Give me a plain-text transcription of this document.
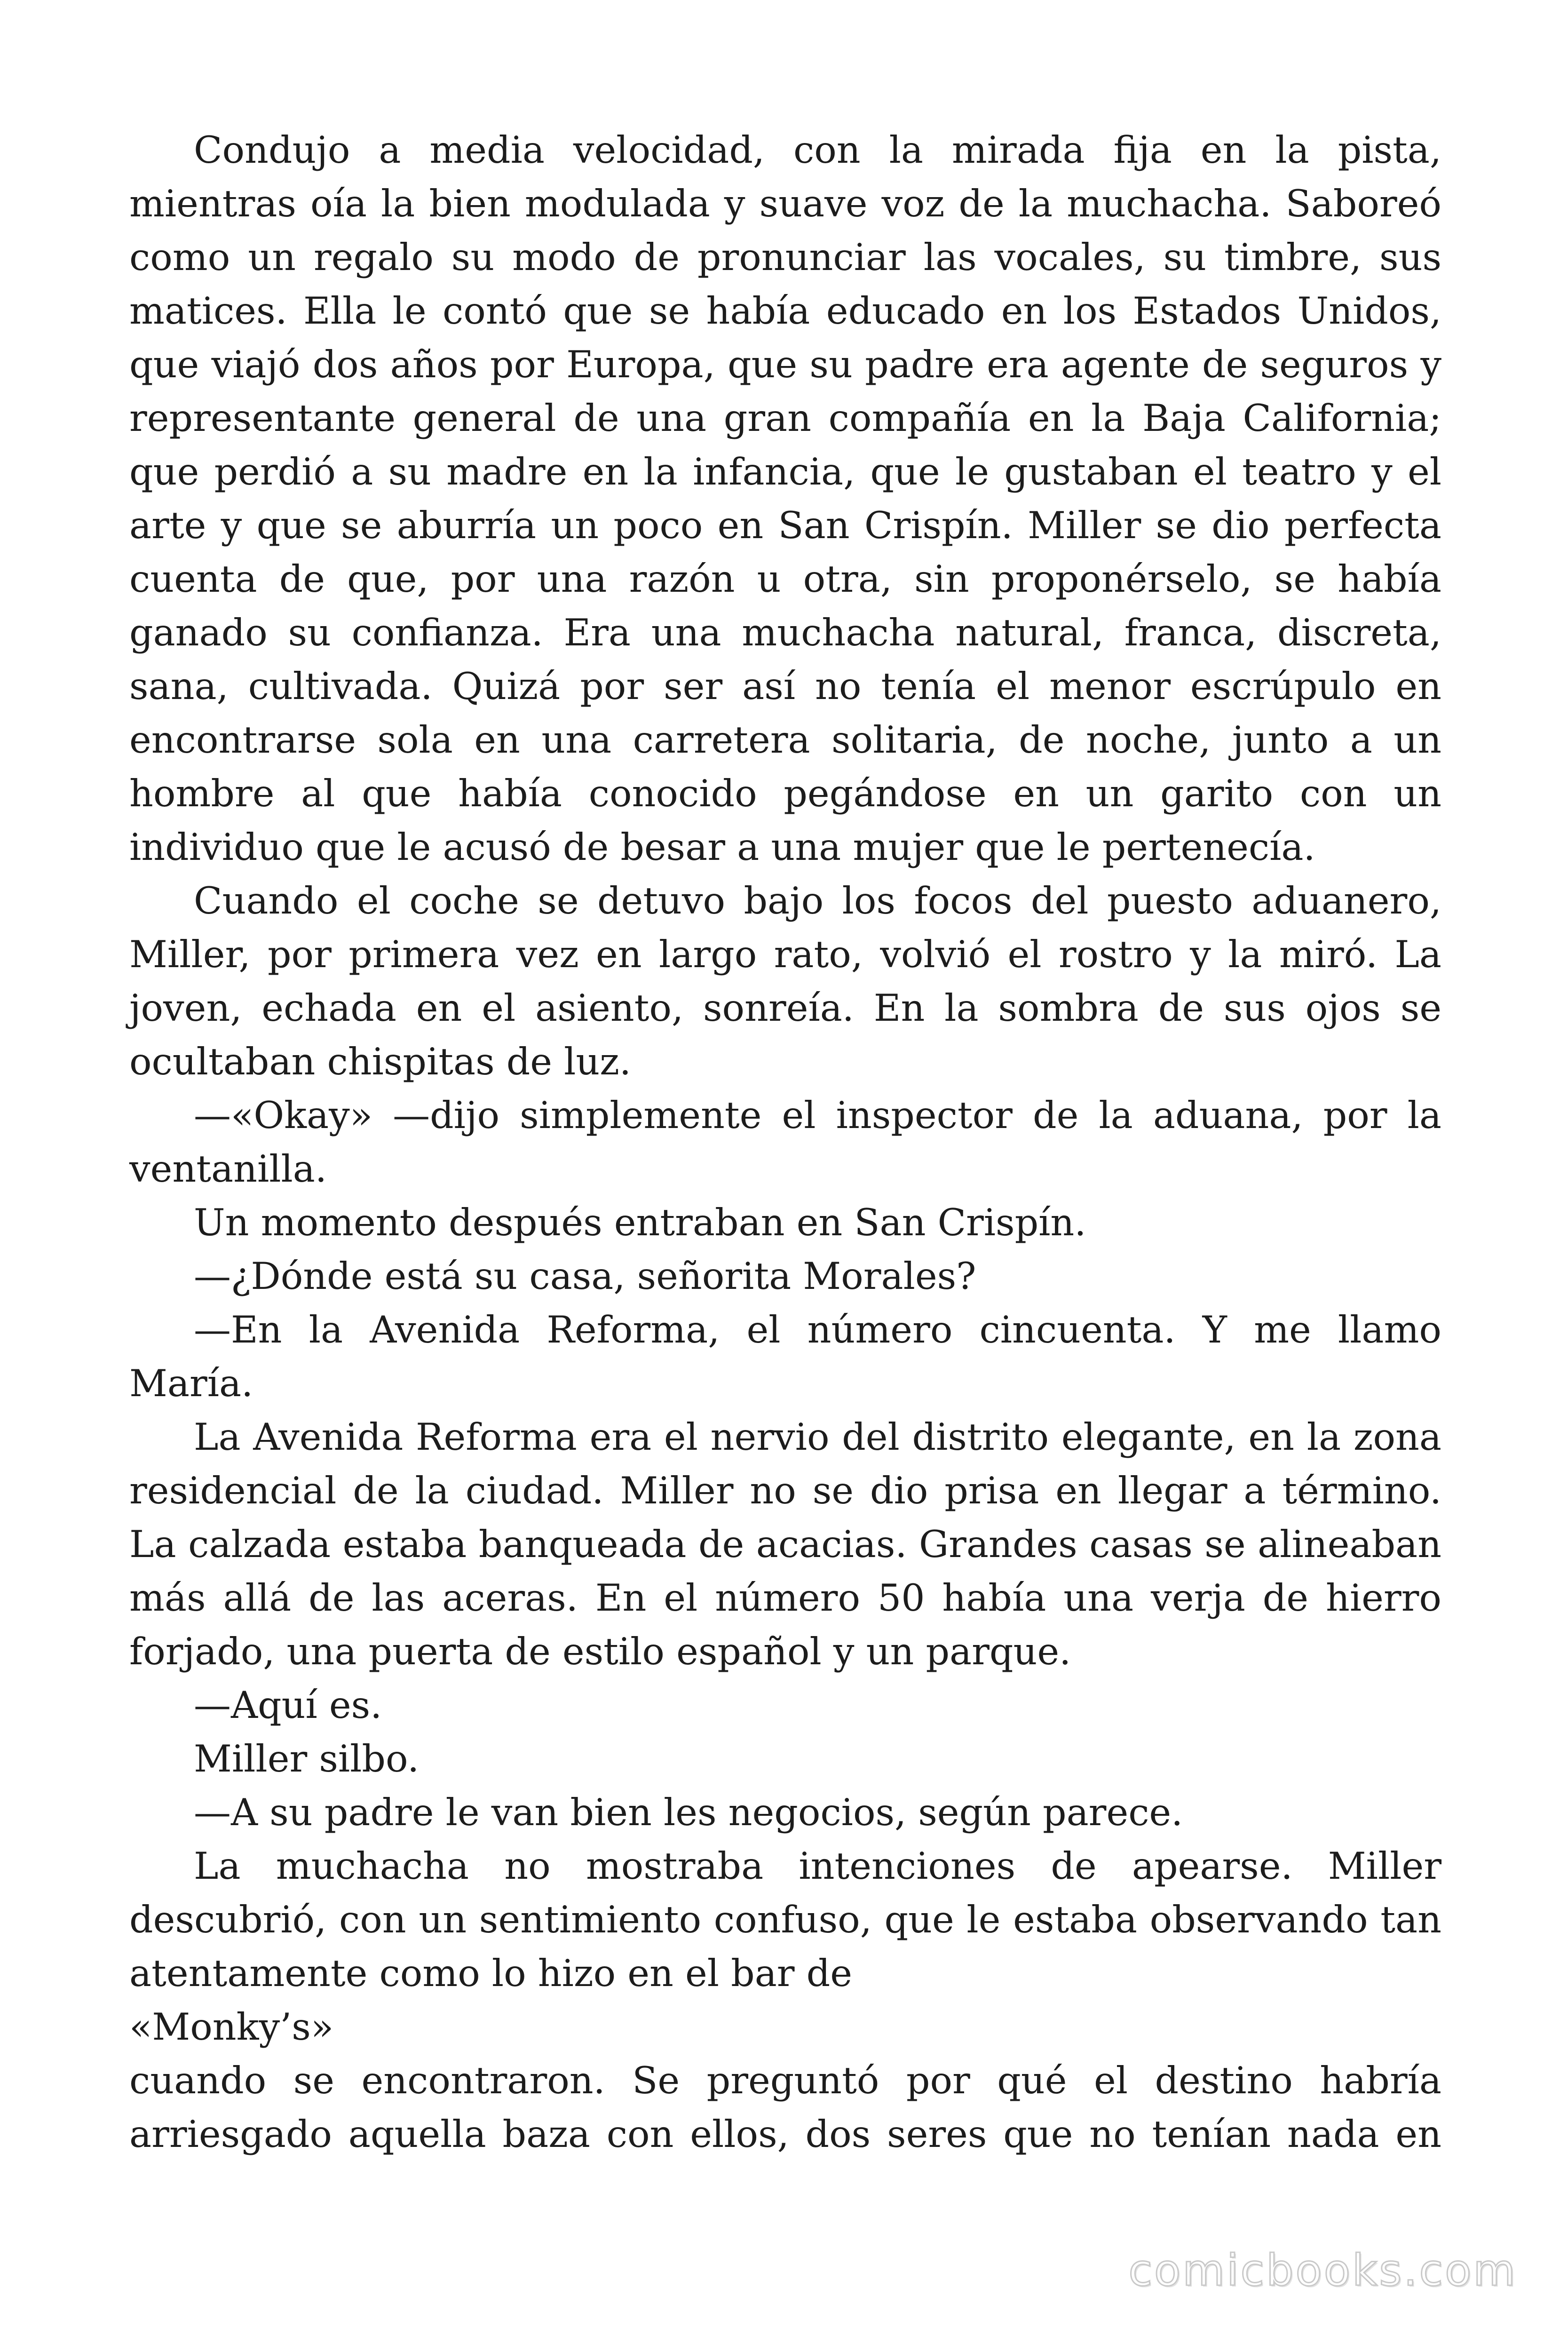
Condujo a media velocidad, con la mirada fija en la pista, mientras oía la bien modulada y suave voz de la muchacha. Saboreó como un regalo su modo de pronunciar las vocales, su timbre, sus matices. Ella le contó que se había educado en los Estados Unidos, que viajó dos años por Europa, que su padre era agente de seguros y representante general de una gran compañía en la Baja California; que perdió a su madre en la infancia, que le gustaban el teatro y el arte y que se aburría un poco en San Crispín. Miller se dio perfecta cuenta de que, por una razón u otra, sin proponérselo, se había ganado su confianza. Era una muchacha natural, franca, discreta, sana, cultivada. Quizá por ser así no tenía el menor escrúpulo en encontrarse sola en una carretera solitaria, de noche, junto a un hombre al que había conocido pegándose en un garito con un individuo que le acusó de besar a una mujer que le pertenecía.

Cuando el coche se detuvo bajo los focos del puesto aduanero, Miller, por primera vez en largo rato, volvió el rostro y la miró. La joven, echada en el asiento, sonreía. En la sombra de sus ojos se ocultaban chispitas de luz.

—«Okay» —dijo simplemente el inspector de la aduana, por la ventanilla.

Un momento después entraban en San Crispín.

—¿Dónde está su casa, señorita Morales?

—En la Avenida Reforma, el número cincuenta. Y me llamo María.

La Avenida Reforma era el nervio del distrito elegante, en la zona residencial de la ciudad. Miller no se dio prisa en llegar a término. La calzada estaba banqueada de acacias. Grandes casas se alineaban más allá de las aceras. En el número 50 había una verja de hierro forjado, una puerta de estilo español y un parque.

—Aquí es.

Miller silbo.

—A su padre le van bien les negocios, según parece.

La muchacha no mostraba intenciones de apearse. Miller descubrió, con un sentimiento confuso, que le estaba observando tan atentamente como lo hizo en el bar de

«Monky’s»

cuando se encontraron. Se preguntó por qué el destino habría arriesgado aquella baza con ellos, dos seres que no tenían nada en

comicbooks.com
